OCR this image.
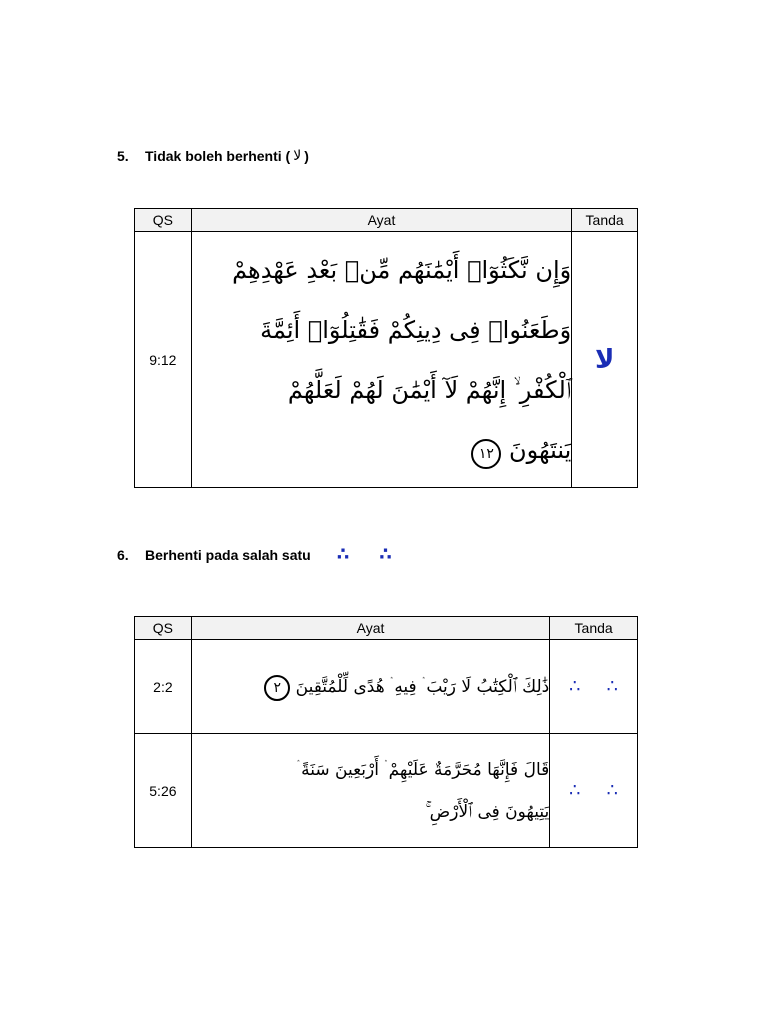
5.	Tidak boleh berhenti ( لا )
QS	Ayat	Tanda
9:12	وَإِن نَّكَثُوٓا۟ أَيْمَٰنَهُم مِّنۢ بَعْدِ عَهْدِهِمْ
وَطَعَنُوا۟ فِى دِينِكُمْ فَقَٰتِلُوٓا۟ أَئِمَّةَ
ٱلْكُفْرِ ۙ إِنَّهُمْ لَآ أَيْمَٰنَ لَهُمْ لَعَلَّهُمْ
يَنتَهُونَ ١٢	لا
6.	Berhenti pada salah satu ∴ ∴
QS	Ayat	Tanda
2:2	ذَٰلِكَ ٱلْكِتَٰبُ لَا رَيْبَ ۛ فِيهِ ۛ هُدًى لِّلْمُتَّقِينَ ٢	∴ ∴

5:26	قَالَ فَإِنَّهَا مُحَرَّمَةٌ عَلَيْهِمْ ۛ أَرْبَعِينَ سَنَةً ۛ
يَتِيهُونَ فِى ٱلْأَرْضِ ۚ	∴ ∴
